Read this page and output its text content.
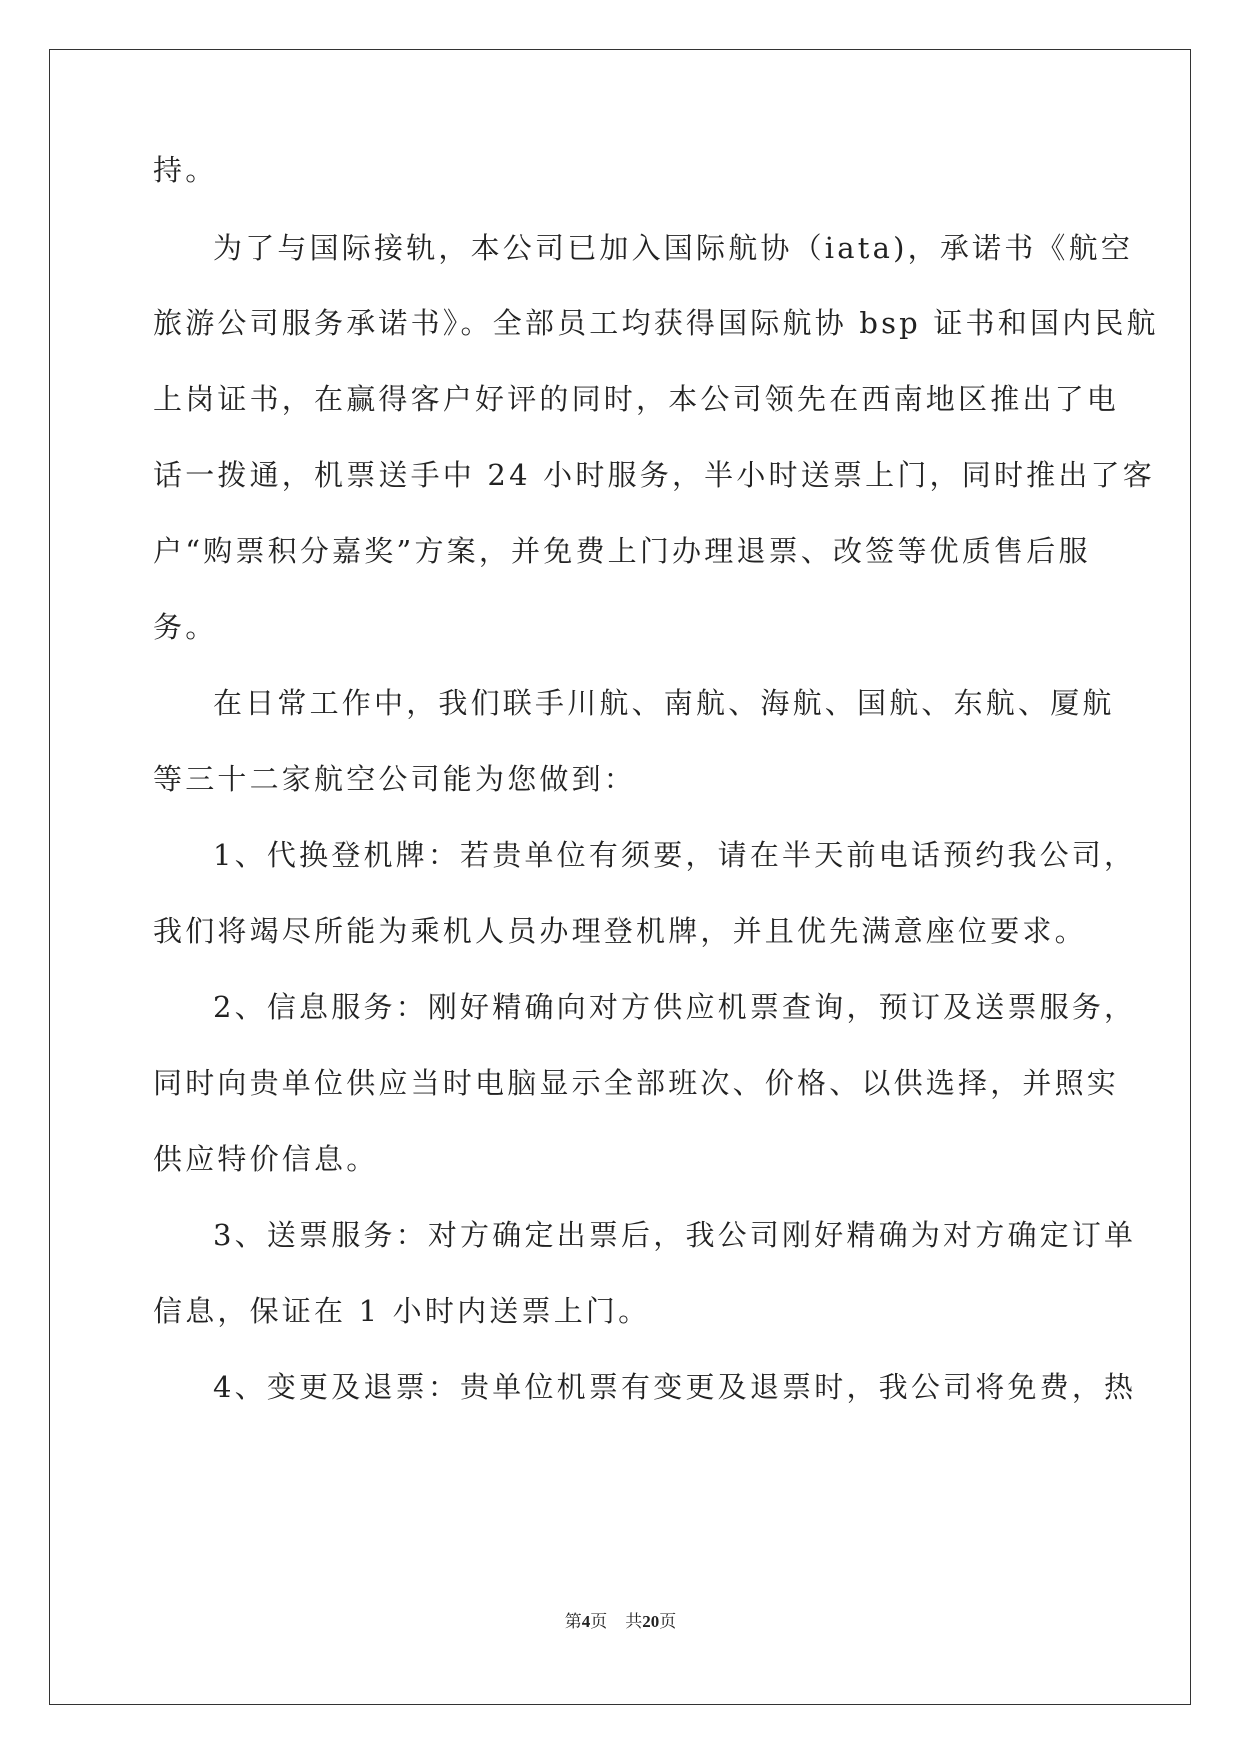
持。
为了与国际接轨，本公司已加入国际航协（iata)，承诺书《航空
旅游公司服务承诺书》。全部员工均获得国际航协 bsp 证书和国内民航
上岗证书，在赢得客户好评的同时，本公司领先在西南地区推出了电
话一拨通，机票送手中 24 小时服务，半小时送票上门，同时推出了客
户“购票积分嘉奖”方案，并免费上门办理退票、改签等优质售后服
务。
在日常工作中，我们联手川航、南航、海航、国航、东航、厦航
等三十二家航空公司能为您做到：
1、代换登机牌：若贵单位有须要，请在半天前电话预约我公司，
我们将竭尽所能为乘机人员办理登机牌，并且优先满意座位要求。
2、信息服务：刚好精确向对方供应机票查询，预订及送票服务，
同时向贵单位供应当时电脑显示全部班次、价格、以供选择，并照实
供应特价信息。
3、送票服务：对方确定出票后，我公司刚好精确为对方确定订单
信息，保证在 1 小时内送票上门。
4、变更及退票：贵单位机票有变更及退票时，我公司将免费，热
第4页 共20页
